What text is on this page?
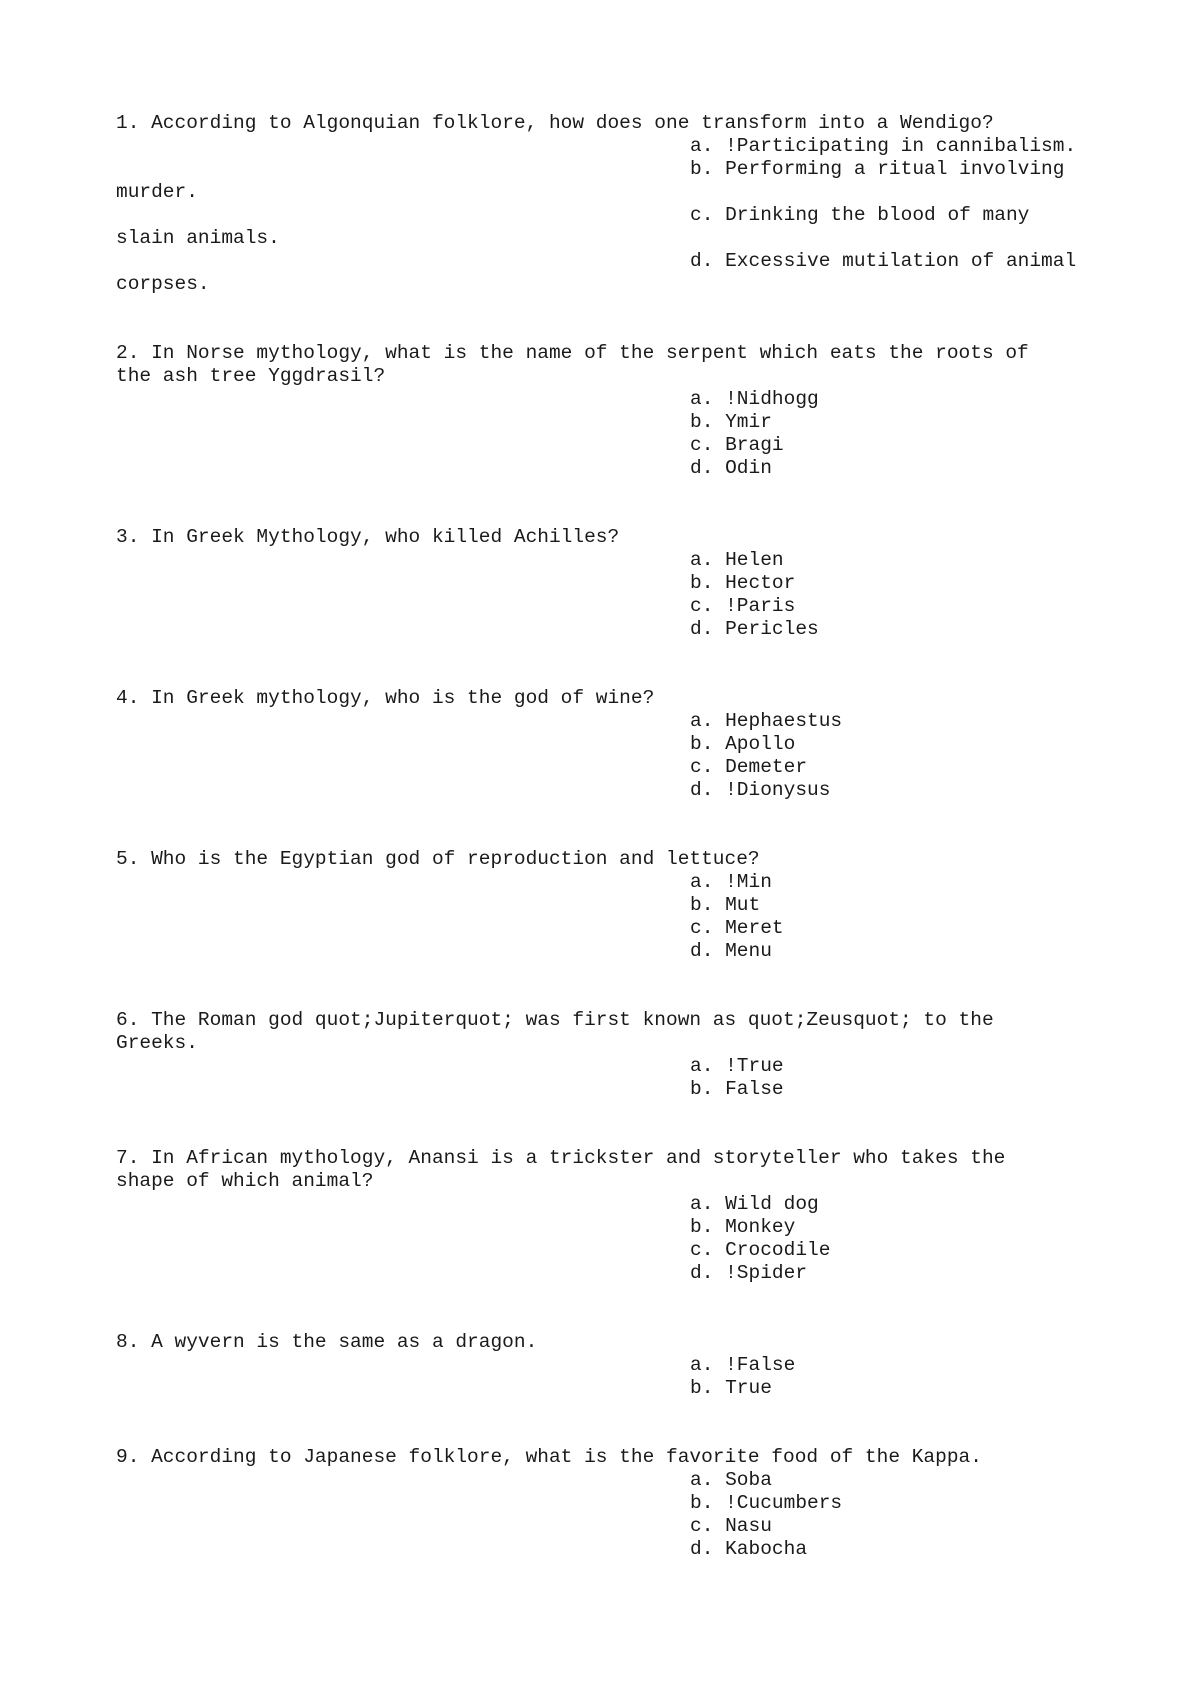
1. According to Algonquian folklore, how does one transform into a Wendigo?
a. !Participating in cannibalism.
b. Performing a ritual involving
murder.
c. Drinking the blood of many
slain animals.
d. Excessive mutilation of animal
corpses.
2. In Norse mythology, what is the name of the serpent which eats the roots of
the ash tree Yggdrasil?
a. !Nidhogg
b. Ymir
c. Bragi
d. Odin
3. In Greek Mythology, who killed Achilles?
a. Helen
b. Hector
c. !Paris
d. Pericles
4. In Greek mythology, who is the god of wine?
a. Hephaestus
b. Apollo
c. Demeter
d. !Dionysus
5. Who is the Egyptian god of reproduction and lettuce?
a. !Min
b. Mut
c. Meret
d. Menu
6. The Roman god quot;Jupiterquot; was first known as quot;Zeusquot; to the
Greeks.
a. !True
b. False
7. In African mythology, Anansi is a trickster and storyteller who takes the
shape of which animal?
a. Wild dog
b. Monkey
c. Crocodile
d. !Spider
8. A wyvern is the same as a dragon.
a. !False
b. True
9. According to Japanese folklore, what is the favorite food of the Kappa.
a. Soba
b. !Cucumbers
c. Nasu
d. Kabocha
